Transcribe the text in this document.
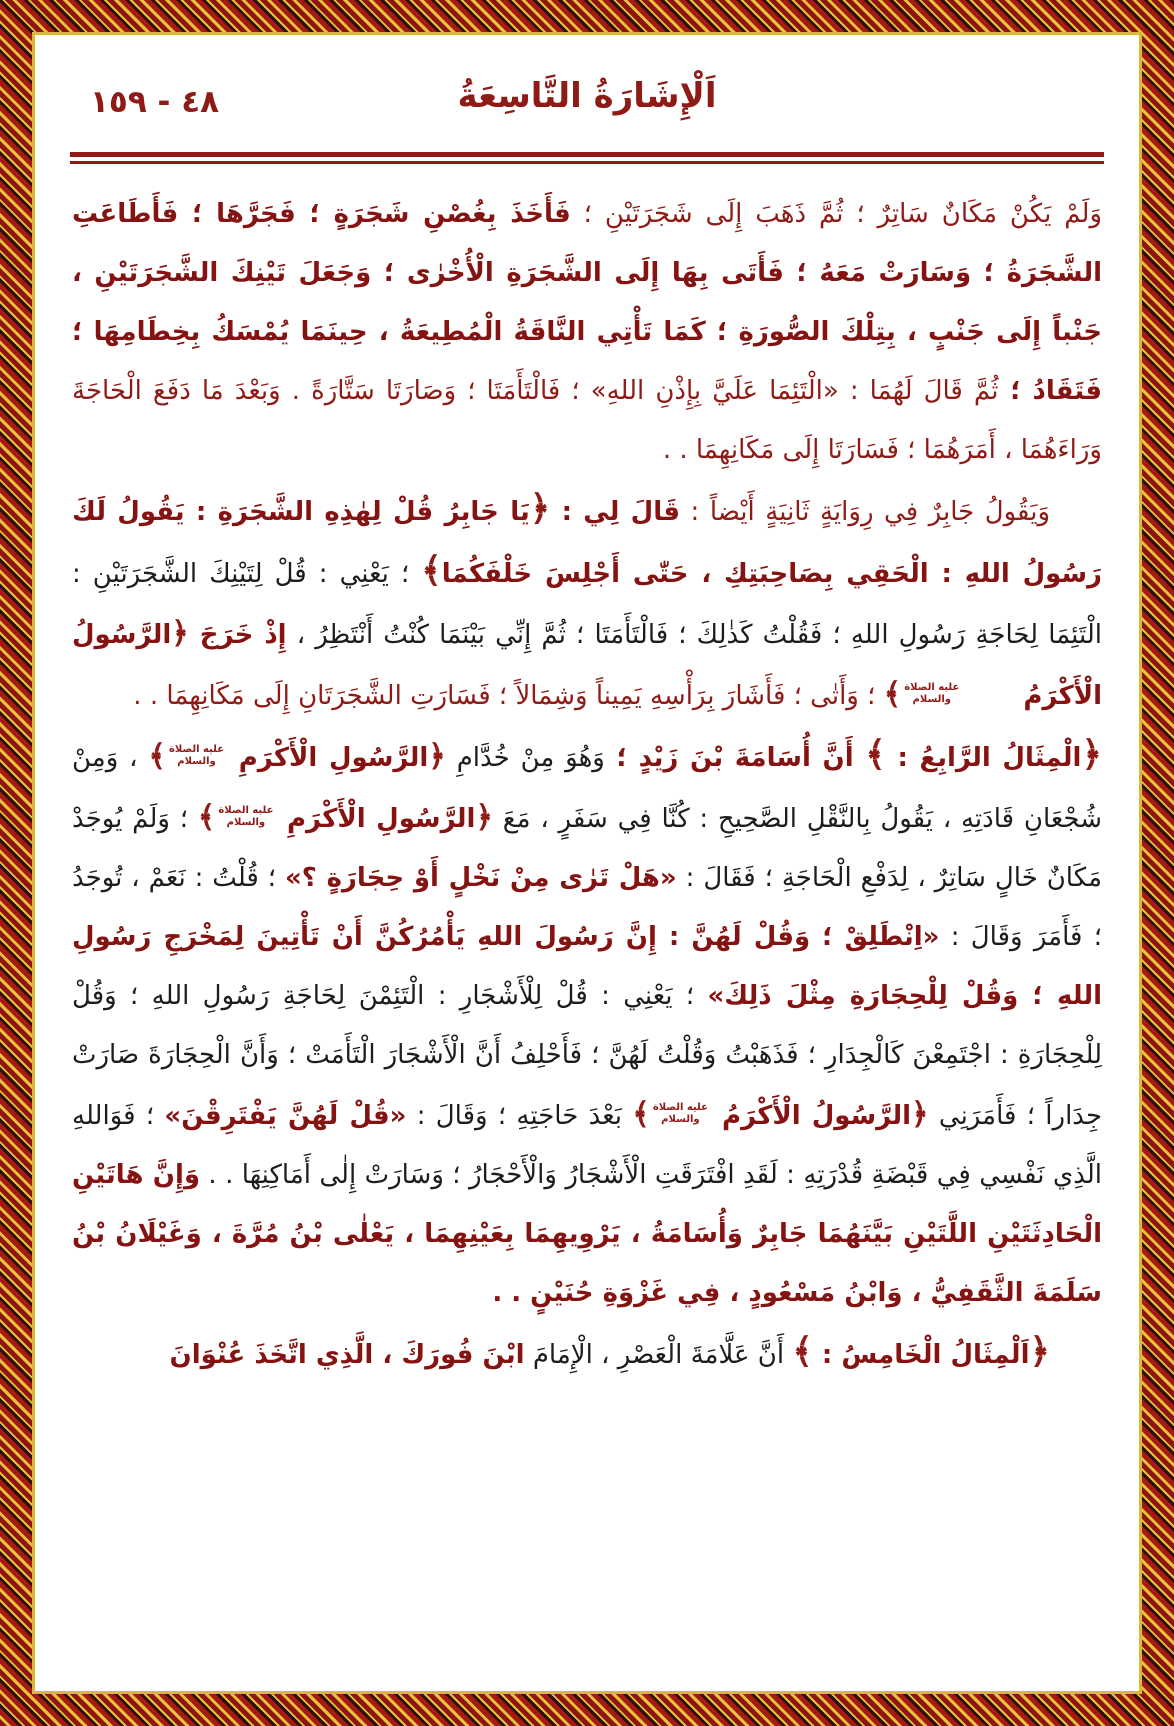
٤٨ - ١٥٩	اَلْإِشَارَةُ التَّاسِعَةُ

وَلَمْ يَكُنْ مَكَانٌ سَاتِرٌ ؛ ثُمَّ ذَهَبَ إِلَى شَجَرَتَيْنِ ؛ فَأَخَذَ بِغُصْنِ شَجَرَةٍ ؛ فَجَرَّهَا ؛ فَأَطَاعَتِ الشَّجَرَةُ ؛ وَسَارَتْ مَعَهُ ؛ فَأَتَى بِهَا إِلَى الشَّجَرَةِ الْأُخْرٰى ؛ وَجَعَلَ تَيْنِكَ الشَّجَرَتَيْنِ ، جَنْباً إِلَى جَنْبٍ ، بِتِلْكَ الصُّورَةِ ؛ كَمَا تَأْتِي النَّاقَةُ الْمُطِيعَةُ ، حِينَمَا يُمْسَكُ بِخِطَامِهَا ؛ فَتَقَادُ ؛ ثُمَّ قَالَ لَهُمَا : «الْتَئِمَا عَلَيَّ بِإِذْنِ اللهِ» ؛ فَالْتَأَمَتَا ؛ وَصَارَتَا سَتَّارَةً . وَبَعْدَ مَا دَفَعَ الْحَاجَةَ وَرَاءَهُمَا ، أَمَرَهُمَا ؛ فَسَارَتَا إِلَى مَكَانِهِمَا . .

وَيَقُولُ جَابِرٌ فِي رِوَايَةٍ ثَانِيَةٍ أَيْضاً : قَالَ لِي : ﴿يَا جَابِرُ قُلْ لِهٰذِهِ الشَّجَرَةِ : يَقُولُ لَكَ رَسُولُ اللهِ : الْحَقِي بِصَاحِبَتِكِ ، حَتّٰى أَجْلِسَ خَلْفَكُمَا﴾ ؛ يَعْنِي : قُلْ لِتَيْنِكَ الشَّجَرَتَيْنِ : الْتَئِمَا لِحَاجَةِ رَسُولِ اللهِ ؛ فَقُلْتُ كَذٰلِكَ ؛ فَالْتَأَمَتَا ؛ ثُمَّ إِنِّي بَيْنَمَا كُنْتُ أَنْتَظِرُ ، إِذْ خَرَجَ ﴿الرَّسُولُ الْأَكْرَمُ
عليه الصلاة
والسلام
﴾ ؛ وَأَتٰى ؛ فَأَشَارَ بِرَأْسِهِ يَمِيناً وَشِمَالاً ؛ فَسَارَتِ الشَّجَرَتَانِ إِلَى مَكَانِهِمَا . .

﴿الْمِثَالُ الرَّابِعُ : ﴾ أَنَّ أُسَامَةَ بْنَ زَيْدٍ ؛ وَهُوَ مِنْ خُدَّامِ ﴿الرَّسُولِ الْأَكْرَمِ
عليه الصلاة
والسلام
﴾ ، وَمِنْ شُجْعَانِ قَادَتِهِ ، يَقُولُ بِالنَّقْلِ الصَّحِيحِ : كُنَّا فِي سَفَرٍ ، مَعَ ﴿الرَّسُولِ الْأَكْرَمِ
عليه الصلاة
والسلام
﴾ ؛ وَلَمْ يُوجَدْ مَكَانٌ خَالٍ سَاتِرٌ ، لِدَفْعِ الْحَاجَةِ ؛ فَقَالَ : «هَلْ تَرٰى مِنْ نَخْلٍ أَوْ حِجَارَةٍ ؟» ؛ قُلْتُ : نَعَمْ ، تُوجَدُ ؛ فَأَمَرَ وَقَالَ : «اِنْطَلِقْ ؛ وَقُلْ لَهُنَّ : إِنَّ رَسُولَ اللهِ يَأْمُرُكُنَّ أَنْ تَأْتِينَ لِمَخْرَجِ رَسُولِ اللهِ ؛ وَقُلْ لِلْحِجَارَةِ مِثْلَ ذَلِكَ» ؛ يَعْنِي : قُلْ لِلْأَشْجَارِ : الْتَئِمْنَ لِحَاجَةِ رَسُولِ اللهِ ؛ وَقُلْ لِلْحِجَارَةِ : اجْتَمِعْنَ كَالْجِدَارِ ؛ فَذَهَبْتُ وَقُلْتُ لَهُنَّ ؛ فَأَحْلِفُ أَنَّ الْأَشْجَارَ الْتَأَمَتْ ؛ وَأَنَّ الْحِجَارَةَ صَارَتْ جِدَاراً ؛ فَأَمَرَنِي ﴿الرَّسُولُ الْأَكْرَمُ
عليه الصلاة
والسلام
﴾ بَعْدَ حَاجَتِهِ ؛ وَقَالَ : «قُلْ لَهُنَّ يَفْتَرِقْنَ» ؛ فَوَاللهِ الَّذِي نَفْسِي فِي قَبْضَةِ قُدْرَتِهِ : لَقَدِ افْتَرَقَتِ الْأَشْجَارُ وَالْأَحْجَارُ ؛ وَسَارَتْ إِلٰى أَمَاكِنِهَا . . وَإِنَّ هَاتَيْنِ الْحَادِثَتَيْنِ اللَّتَيْنِ بَيَّنَهُمَا جَابِرٌ وَأُسَامَةُ ، يَرْوِيهِمَا بِعَيْنِهِمَا ، يَعْلٰى بْنُ مُرَّةَ ، وَغَيْلَانُ بْنُ سَلَمَةَ الثَّقَفِيُّ ، وَابْنُ مَسْعُودٍ ، فِي غَزْوَةِ حُنَيْنٍ . .

﴿اَلْمِثَالُ الْخَامِسُ : ﴾ أَنَّ عَلَّامَةَ الْعَصْرِ ، الْإِمَامَ ابْنَ فُورَكَ ، الَّذِي اتَّخَذَ عُنْوَانَ
